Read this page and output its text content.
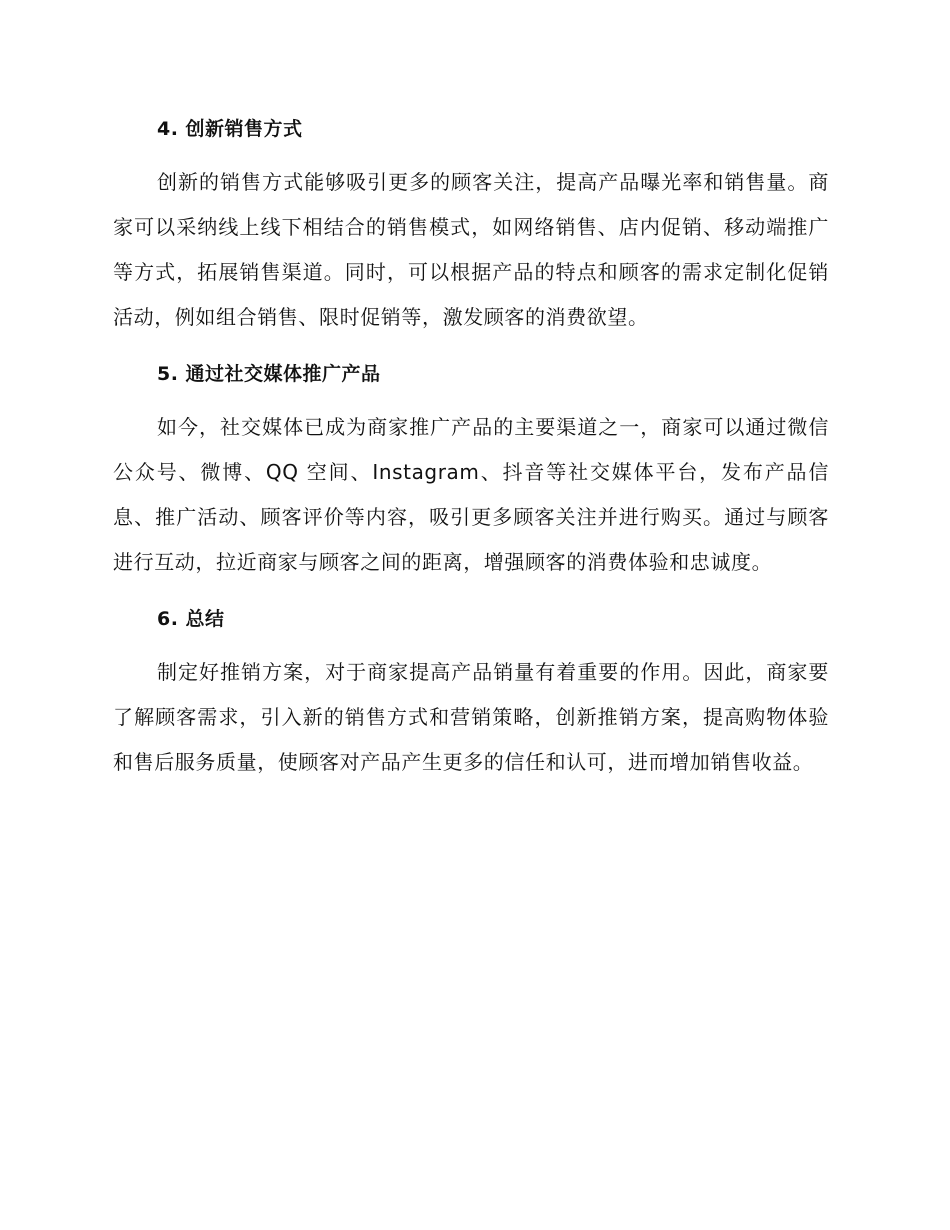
4. 创新销售方式

创新的销售方式能够吸引更多的顾客关注，提高产品曝光率和销售量。商家可以采纳线上线下相结合的销售模式，如网络销售、店内促销、移动端推广等方式，拓展销售渠道。同时，可以根据产品的特点和顾客的需求定制化促销活动，例如组合销售、限时促销等，激发顾客的消费欲望。

5. 通过社交媒体推广产品

如今，社交媒体已成为商家推广产品的主要渠道之一，商家可以通过微信公众号、微博、QQ 空间、Instagram、抖音等社交媒体平台，发布产品信息、推广活动、顾客评价等内容，吸引更多顾客关注并进行购买。通过与顾客进行互动，拉近商家与顾客之间的距离，增强顾客的消费体验和忠诚度。

6. 总结

制定好推销方案，对于商家提高产品销量有着重要的作用。因此，商家要了解顾客需求，引入新的销售方式和营销策略，创新推销方案，提高购物体验和售后服务质量，使顾客对产品产生更多的信任和认可，进而增加销售收益。
